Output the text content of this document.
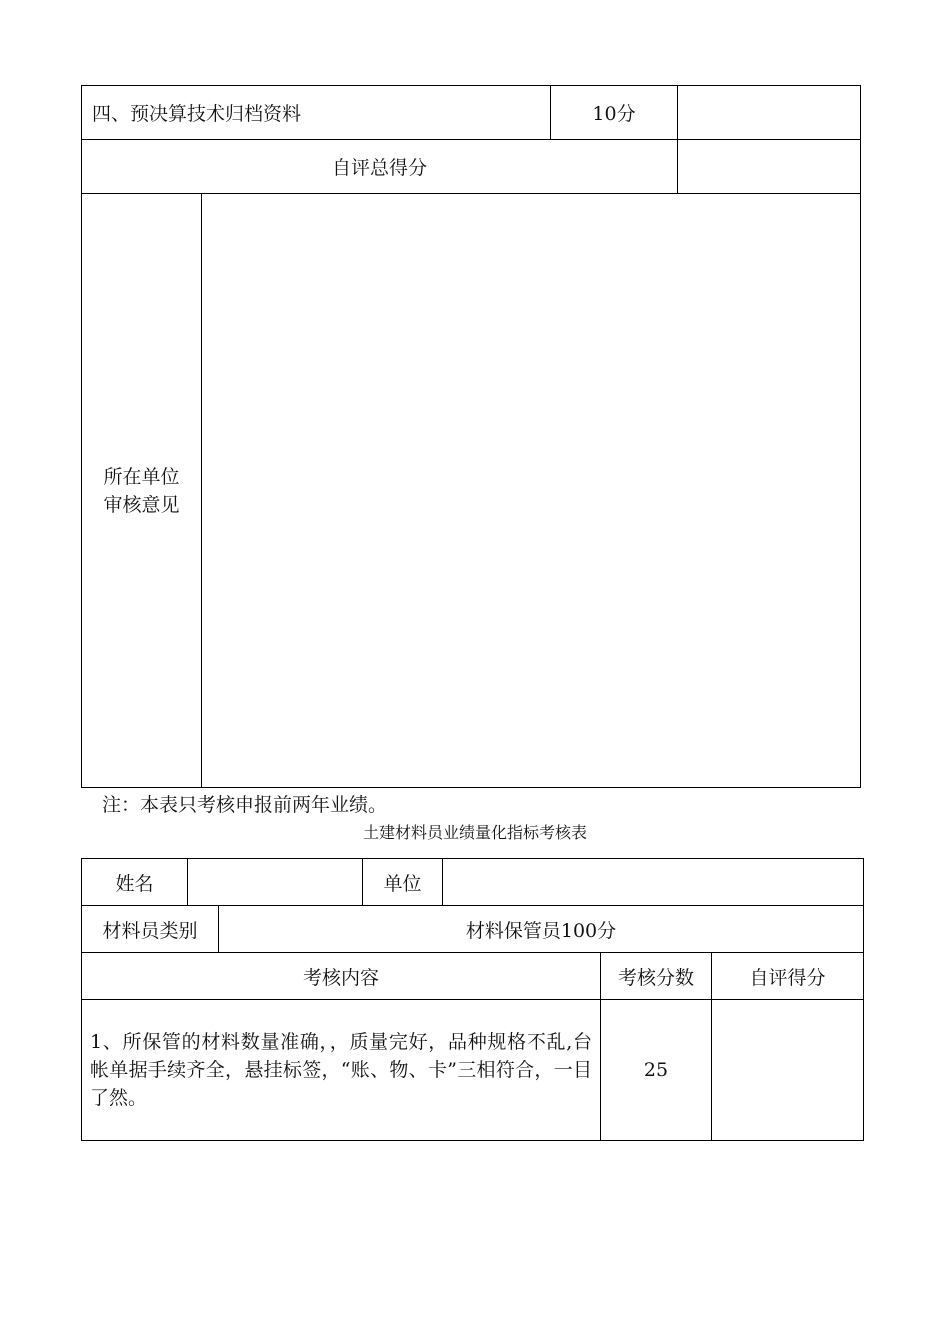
四、预决算技术归档资料		10分	
自评总得分			

所在单位
审核意见			

注：本表只考核申报前两年业绩。
土建材料员业绩量化指标考核表
姓名			单位			
材料员类别		材料保管员100分				
考核内容					考核分数	自评得分
1、所保管的材料数量准确，，质量完好，品种规格不乱,台帐单据手续齐全，悬挂标签，“账、物、卡”三相符合，一目了然。					25	
